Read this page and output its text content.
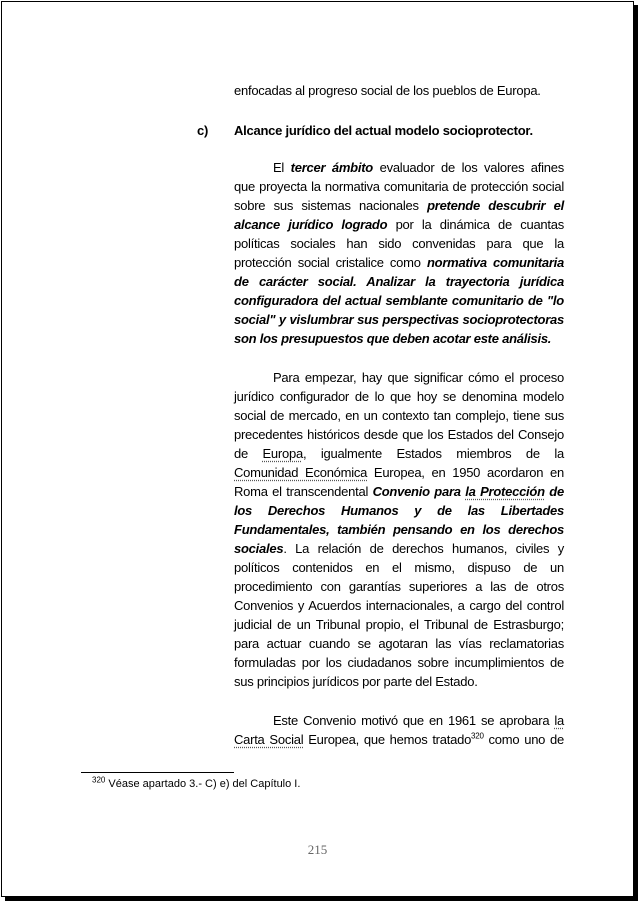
enfocadas al progreso social de los pueblos de Europa.
c) Alcance jurídico del actual modelo socioprotector.
El tercer ámbito evaluador de los valores afines
que proyecta la normativa comunitaria de protección social
sobre sus sistemas nacionales pretende descubrir el
alcance jurídico logrado por la dinámica de cuantas
políticas sociales han sido convenidas para que la
protección social cristalice como normativa comunitaria
de carácter social. Analizar la trayectoria jurídica
configuradora del actual semblante comunitario de "lo
social" y vislumbrar sus perspectivas socioprotectoras
son los presupuestos que deben acotar este análisis.
Para empezar, hay que significar cómo el proceso
jurídico configurador de lo que hoy se denomina modelo
social de mercado, en un contexto tan complejo, tiene sus
precedentes históricos desde que los Estados del Consejo
de Europa, igualmente Estados miembros de la
Comunidad Económica Europea, en 1950 acordaron en
Roma el transcendental Convenio para la Protección de
los Derechos Humanos y de las Libertades
Fundamentales, también pensando en los derechos
sociales. La relación de derechos humanos, civiles y
políticos contenidos en el mismo, dispuso de un
procedimiento con garantías superiores a las de otros
Convenios y Acuerdos internacionales, a cargo del control
judicial de un Tribunal propio, el Tribunal de Estrasburgo;
para actuar cuando se agotaran las vías reclamatorias
formuladas por los ciudadanos sobre incumplimientos de
sus principios jurídicos por parte del Estado.
Este Convenio motivó que en 1961 se aprobara la
Carta Social Europea, que hemos tratado$^{320}$ como uno de
$^{320}$ Véase apartado 3.- C) e) del Capítulo I.
215
